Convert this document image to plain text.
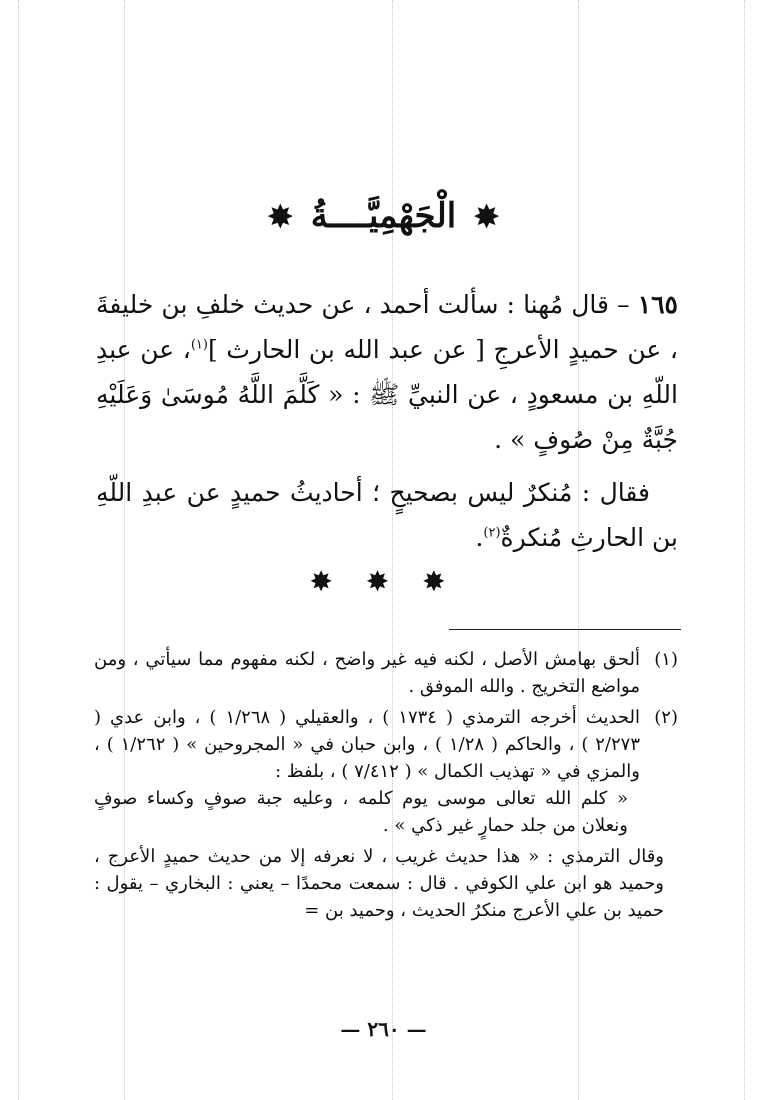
✸ الْجَهْمِيَّــــةُ ✸

١٦٥ – قال مُهنا : سألت أحمد ، عن حديث خلفِ بن خليفةَ ، عن حميدٍ الأعرجِ [ عن عبد الله بن الحارث ]$^{(١)}$، عن عبدِ اللّهِ بن مسعودٍ ، عن النبيِّ ﷺ : « كَلَّمَ اللَّهُ مُوسَىٰ وَعَلَيْهِ جُبَّةٌ مِنْ صُوفٍ » .

فقال : مُنكرٌ ليس بصحيحٍ ؛ أحاديثُ حميدٍ عن عبدِ اللّهِ بن الحارثِ مُنكرةٌ$^{(٢)}$.

✸ ✸ ✸
(١)
ألحق بهامش الأصل ، لكنه فيه غير واضح ، لكنه مفهوم مما سيأتي ، ومن مواضع التخريج . والله الموفق .
(٢)
الحديث أخرجه الترمذي ( ١٧٣٤ ) ، والعقيلي ( ١/٢٦٨ ) ، وابن عدي ( ٢/٢٧٣ ) ، والحاكم ( ١/٢٨ ) ، وابن حبان في « المجروحين » ( ١/٢٦٢ ) ، والمزي في « تهذيب الكمال » ( ٧/٤١٢ ) ، بلفظ :
« كلم الله تعالى موسى يوم كلمه ، وعليه جبة صوفٍ وكساء صوفٍ ونعلان من جلد حمارٍ غير ذكي » .

وقال الترمذي : « هذا حديث غريب ، لا نعرفه إلا من حديث حميدٍ الأعرج ، وحميد هو ابن علي الكوفي . قال : سمعت محمدًا – يعني : البخاري – يقول : حميد بن علي الأعرج منكرُ الحديث ، وحميد بن =

— ٢٦٠ —
